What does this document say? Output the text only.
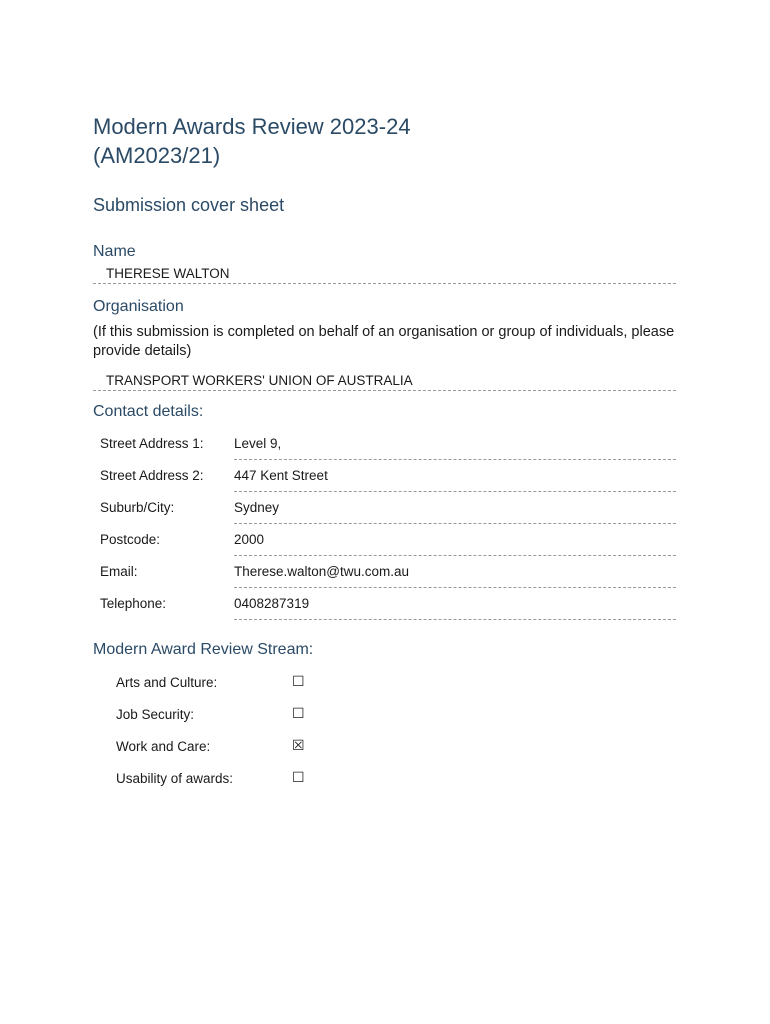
Modern Awards Review 2023-24
(AM2023/21)
Submission cover sheet
Name
THERESE WALTON
Organisation

(If this submission is completed on behalf of an organisation or group of individuals, please provide details)

TRANSPORT WORKERS' UNION OF AUSTRALIA
Contact details:
Street Address 1:	Level 9,
Street Address 2:	447 Kent Street
Suburb/City:	Sydney
Postcode:	2000
Email:	Therese.walton@twu.com.au
Telephone:	0408287319
Modern Award Review Stream:
Arts and Culture:	☐
Job Security:	☐
Work and Care:	☒
Usability of awards:	☐
